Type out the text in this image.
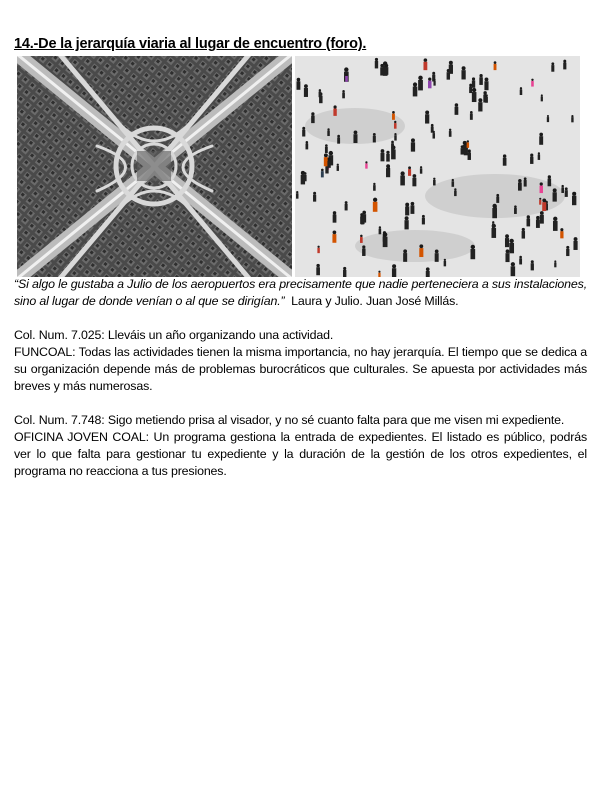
14.-De la jerarquía viaria al lugar de encuentro (foro).

“Si algo le gustaba a Julio de los aeropuertos era precisamente que nadie perteneciera a sus instalaciones, sino al lugar de donde venían o al que se dirigían.” Laura y Julio. Juan José Millás.

Col. Num. 7.025: Lleváis un año organizando una actividad.

FUNCOAL: Todas las actividades tienen la misma importancia, no hay jerarquía. El tiempo que se dedica a su organización depende más de problemas burocráticos que culturales. Se apuesta por actividades más breves y más numerosas.

Col. Num. 7.748: Sigo metiendo prisa al visador, y no sé cuanto falta para que me visen mi expediente.

OFICINA JOVEN COAL: Un programa gestiona la entrada de expedientes. El listado es público, podrás ver lo que falta para gestionar tu expediente y la duración de la gestión de los otros expedientes, el programa no reacciona a tus presiones.
